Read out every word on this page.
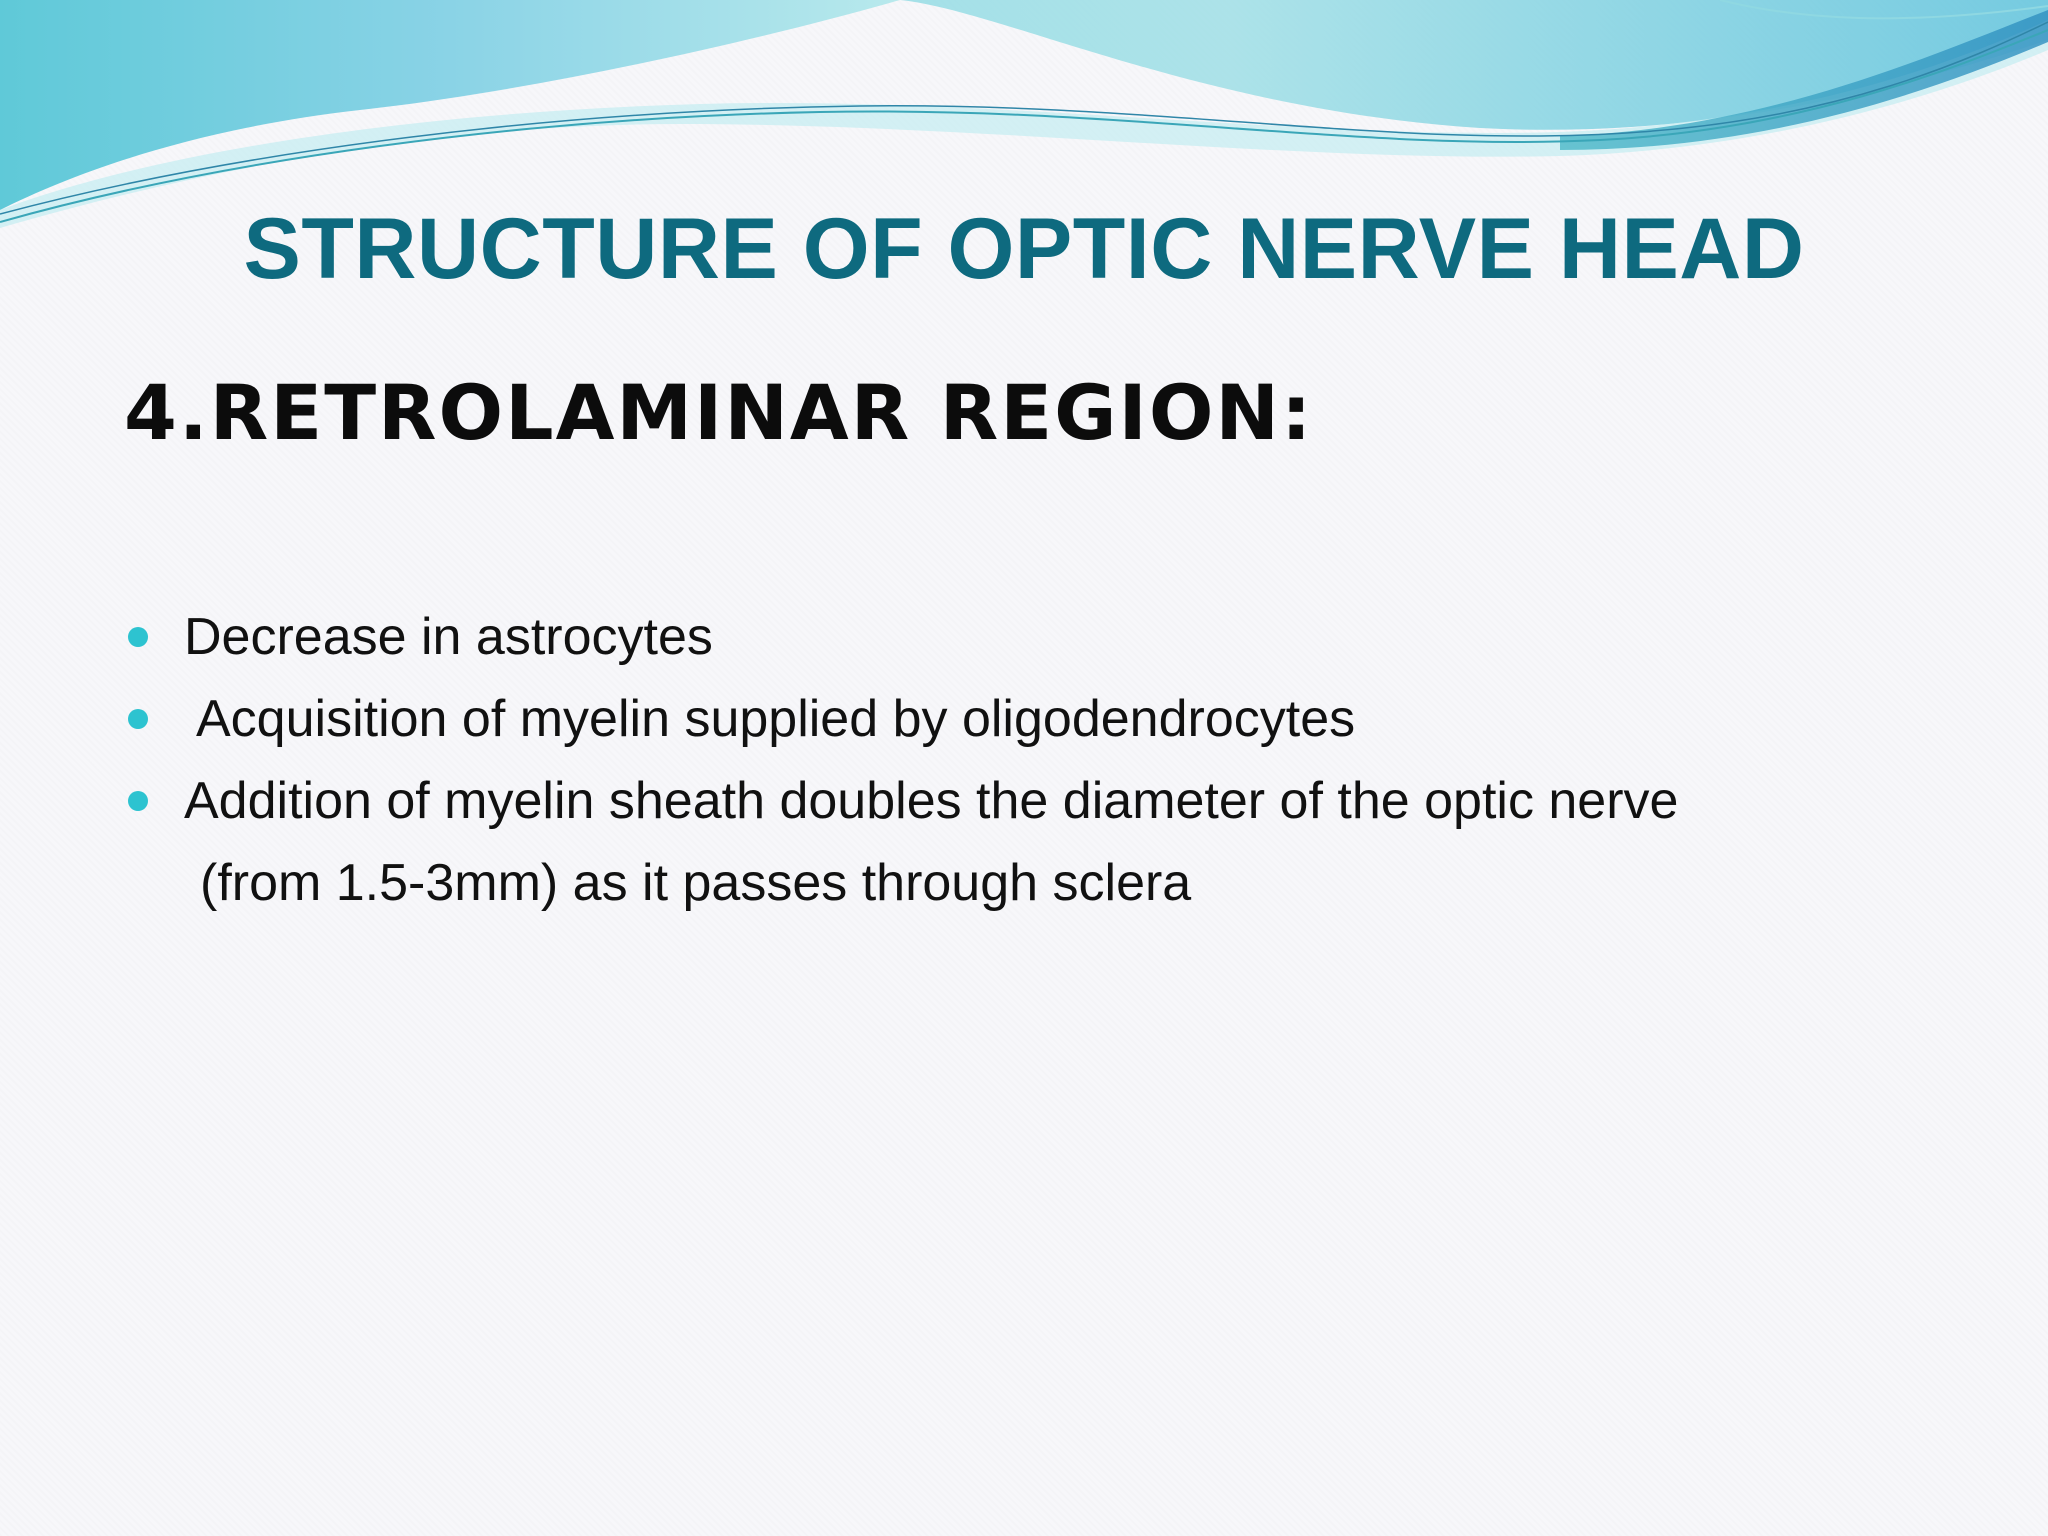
STRUCTURE OF OPTIC NERVE HEAD
4.RETROLAMINAR REGION:
Decrease in astrocytes
Acquisition of myelin supplied by oligodendrocytes
Addition of myelin sheath doubles the diameter of the optic nerve
(from 1.5-3mm) as it passes through sclera
